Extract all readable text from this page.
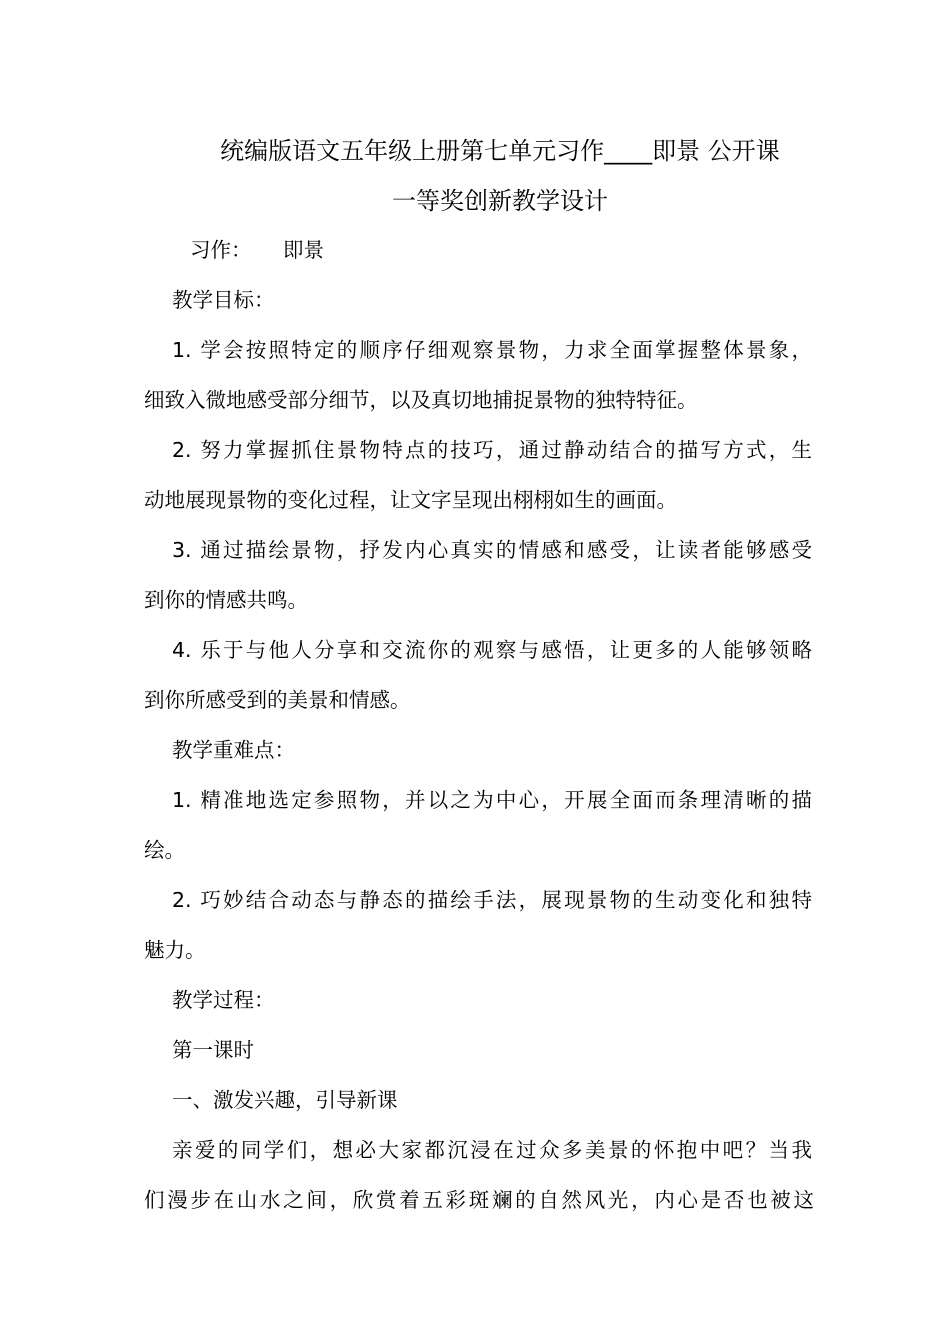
统编版语文五年级上册第七单元习作____即景 公开课
一等奖创新教学设计
习作： 即景
教学目标：
1. 学会按照特定的顺序仔细观察景物，力求全面掌握整体景象，
细致入微地感受部分细节，以及真切地捕捉景物的独特特征。
2. 努力掌握抓住景物特点的技巧，通过静动结合的描写方式，生
动地展现景物的变化过程，让文字呈现出栩栩如生的画面。
3. 通过描绘景物，抒发内心真实的情感和感受，让读者能够感受
到你的情感共鸣。
4. 乐于与他人分享和交流你的观察与感悟，让更多的人能够领略
到你所感受到的美景和情感。
教学重难点：
1. 精准地选定参照物，并以之为中心，开展全面而条理清晰的描
绘。
2. 巧妙结合动态与静态的描绘手法，展现景物的生动变化和独特
魅力。
教学过程：
第一课时
一、激发兴趣，引导新课
亲爱的同学们，想必大家都沉浸在过众多美景的怀抱中吧？当我
们漫步在山水之间，欣赏着五彩斑斓的自然风光，内心是否也被这
